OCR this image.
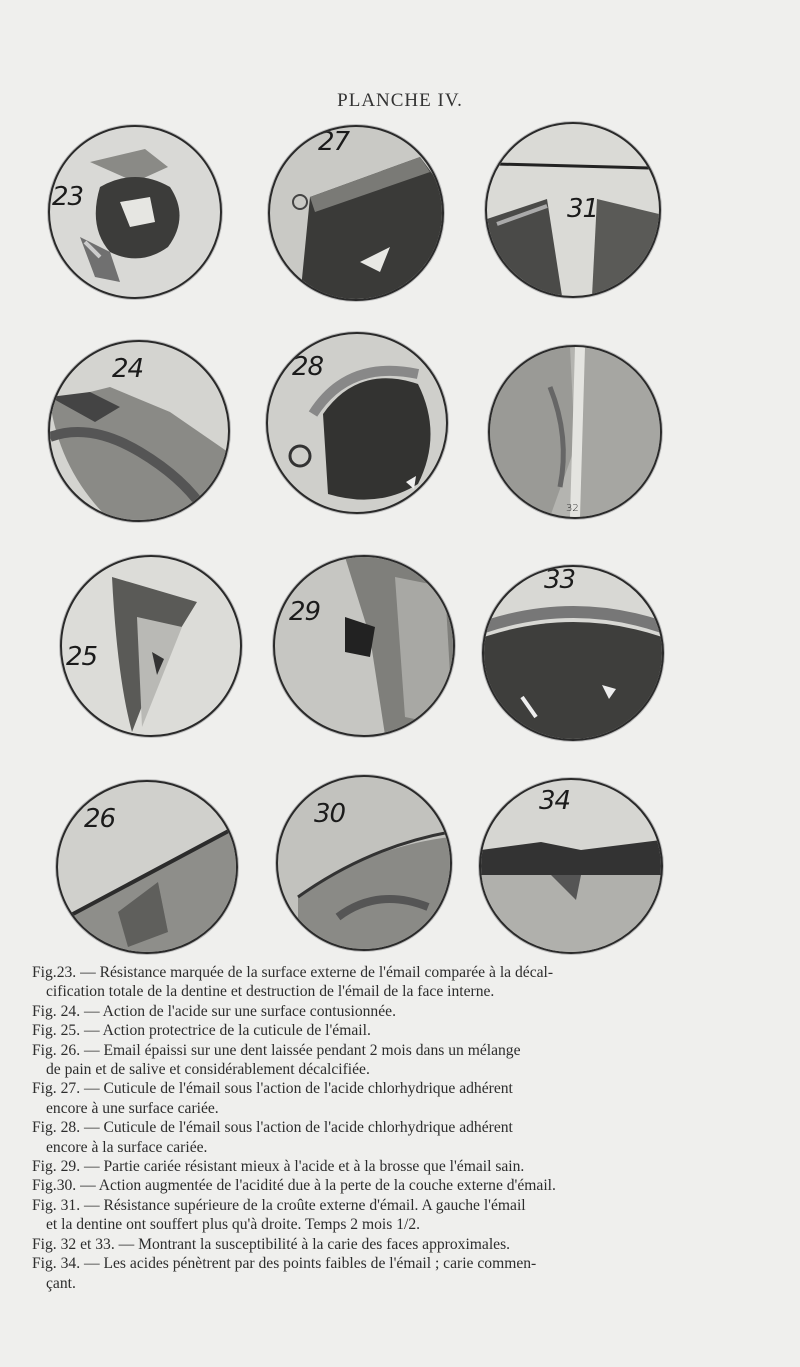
PLANCHE IV.
23
27
31
24	28
32
25
29
33
26	30	34
Fig.23. — Résistance marquée de la surface externe de l'émail comparée à la décal-
cification totale de la dentine et destruction de l'émail de la face interne.
Fig. 24. — Action de l'acide sur une surface contusionnée.
Fig. 25. — Action protectrice de la cuticule de l'émail.
Fig. 26. — Email épaissi sur une dent laissée pendant 2 mois dans un mélange
de pain et de salive et considérablement décalcifiée.
Fig. 27. — Cuticule de l'émail sous l'action de l'acide chlorhydrique adhérent
encore à une surface cariée.
Fig. 28. — Cuticule de l'émail sous l'action de l'acide chlorhydrique adhérent
encore à la surface cariée.
Fig. 29. — Partie cariée résistant mieux à l'acide et à la brosse que l'émail sain.
Fig.30. — Action augmentée de l'acidité due à la perte de la couche externe d'émail.
Fig. 31. — Résistance supérieure de la croûte externe d'émail. A gauche l'émail
et la dentine ont souffert plus qu'à droite. Temps 2 mois 1/2.
Fig. 32 et 33. — Montrant la susceptibilité à la carie des faces approximales.
Fig. 34. — Les acides pénètrent par des points faibles de l'émail ; carie commen-
çant.
